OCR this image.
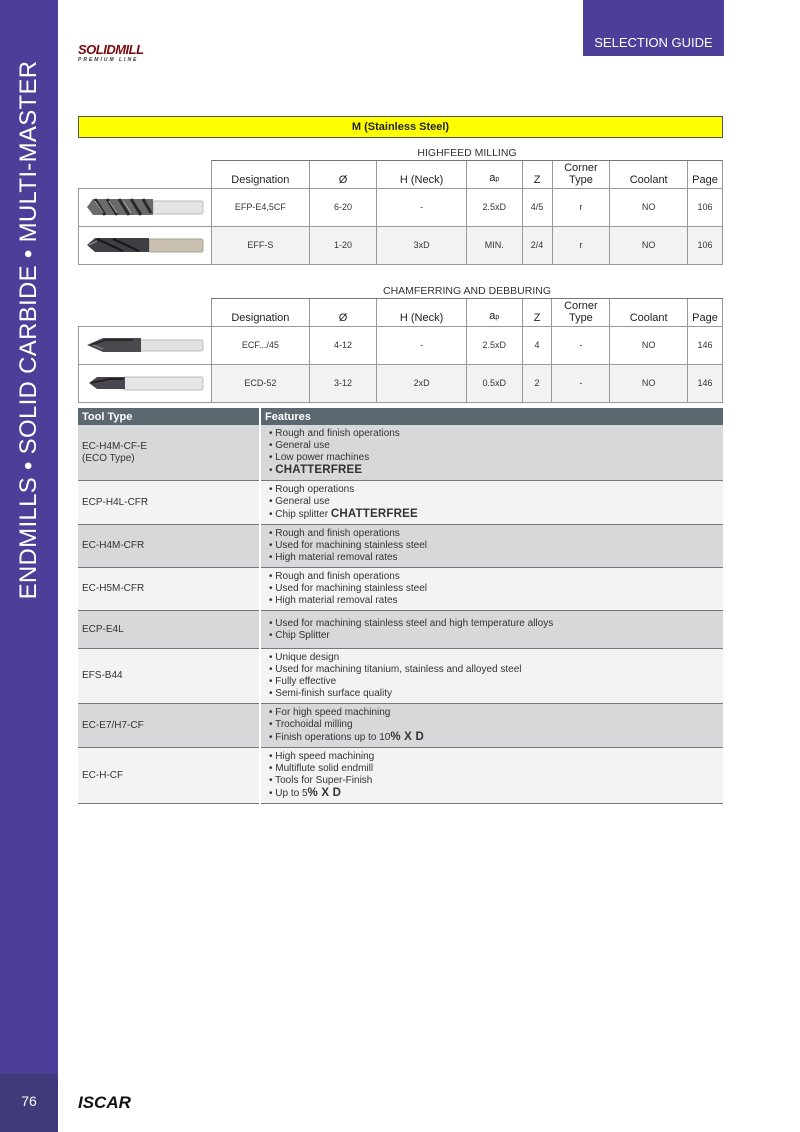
ENDMILLS • SOLID CARBIDE • MULTI-MASTER
76
SELECTION GUIDE
SOLIDMILL
PREMIUM LINE
M (Stainless Steel)
	HIGHFEED MILLING							
	Designation	Ø	H (Neck)	ap	Z	Corner
Type	Coolant	Page

	EFP-E4,5CF	6-20	-	2.5xD	4/5	r	NO	106

	EFF-S	1-20	3xD	MIN.	2/4	r	NO	106
	CHAMFERRING AND DEBBURING							
	Designation	Ø	H (Neck)	ap	Z	Corner
Type	Coolant	Page

	ECF.../45	4-12	-	2.5xD	4	-	NO	146

	ECD-52	3-12	2xD	0.5xD	2	-	NO	146
Tool Type	Features

EC-H4M-CF-E
(ECO Type)	• Rough and finish operations
• General use
• Low power machines
• CHATTERFREE

ECP-H4L-CFR	• Rough operations
• General use
• Chip splitter CHATTERFREE

EC-H4M-CFR	• Rough and finish operations
• Used for machining stainless steel
• High material removal rates

EC-H5M-CFR	• Rough and finish operations
• Used for machining stainless steel
• High material removal rates

ECP-E4L	• Used for machining stainless steel and high temperature alloys
• Chip Splitter

EFS-B44	• Unique design
• Used for machining titanium, stainless and alloyed steel
• Fully effective
• Semi-finish surface quality

EC-E7/H7-CF	• For high speed machining
• Trochoidal milling
• Finish operations up to 10% X D

EC-H-CF	• High speed machining
• Multiflute solid endmill
• Tools for Super-Finish
• Up to 5% X D
ISCAR
